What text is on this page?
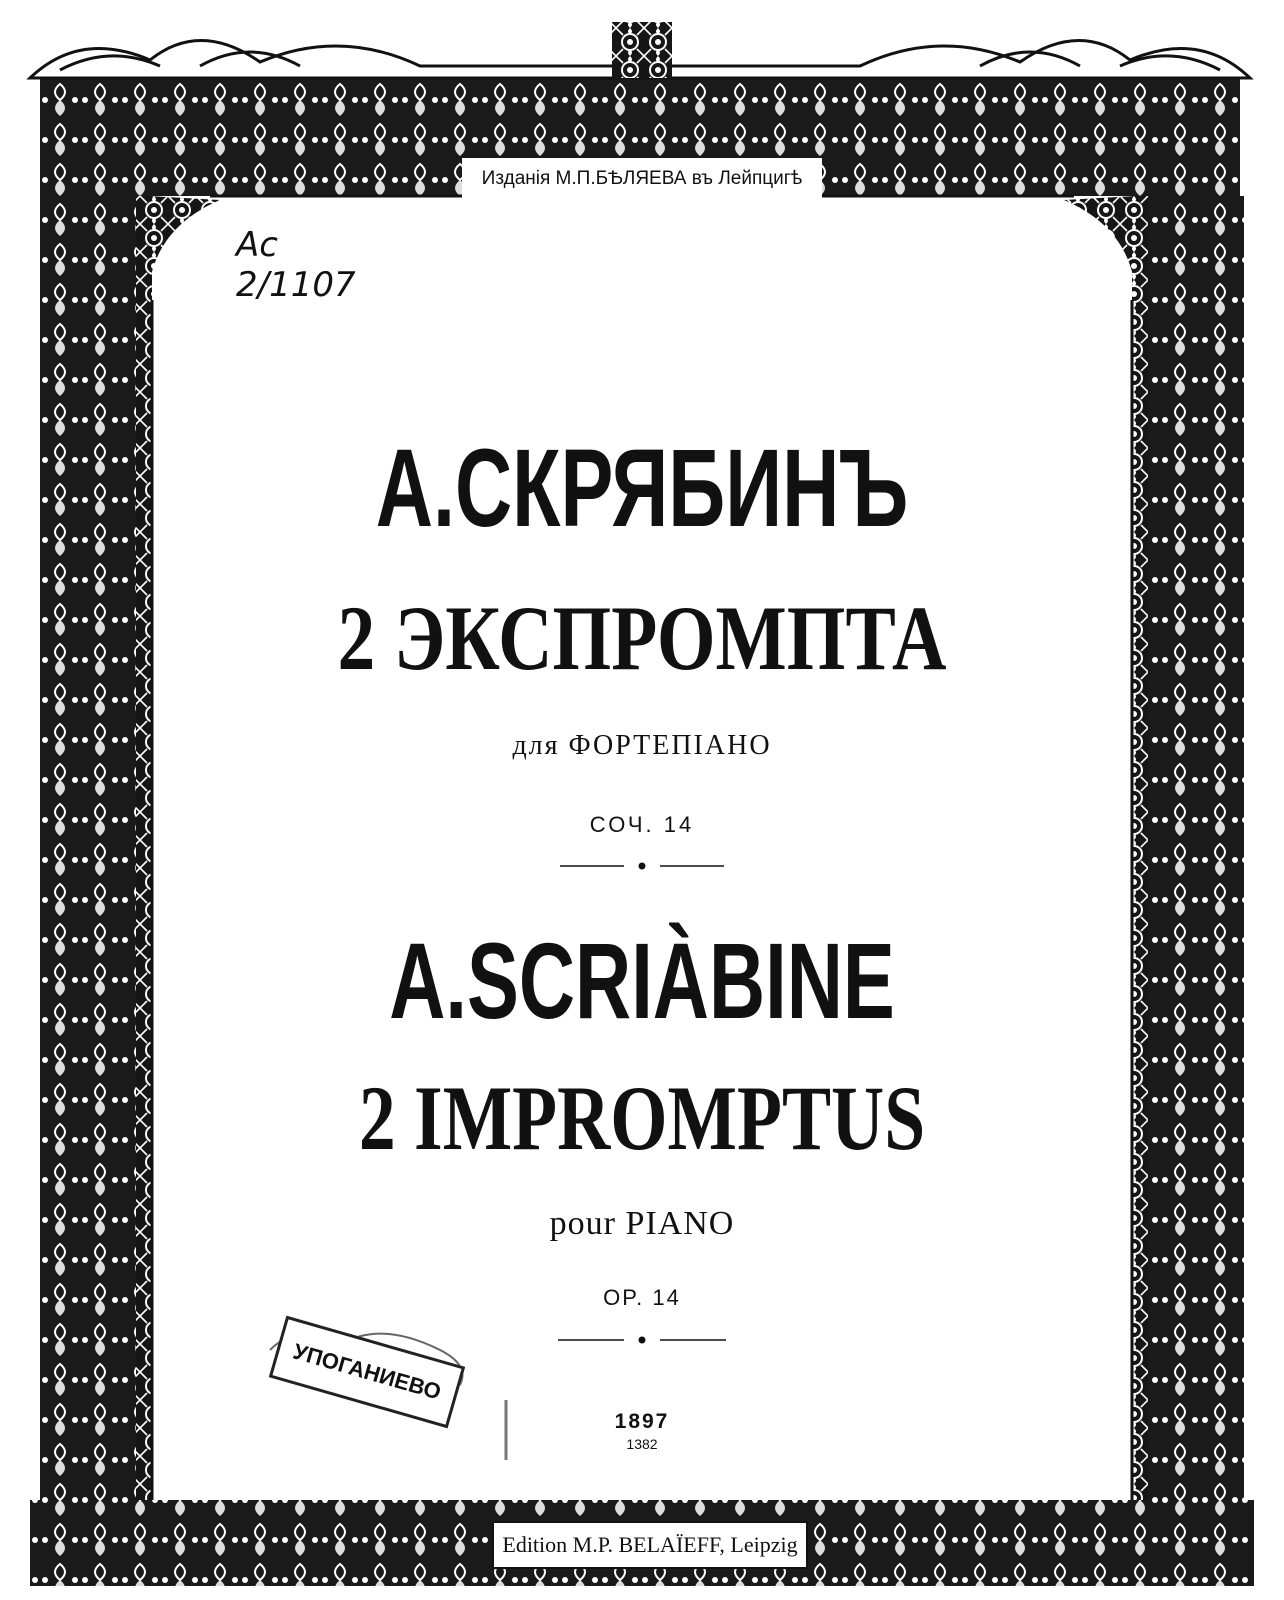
Изданія М.П.БѢЛЯЕВА въ Лейпцигѣ
Ac 2/1107
А.СКРЯБИНЪ
2 ЭКСПРОМПТА
для ФОРТЕПІАНО
СОЧ. 14
A.SCRIÀBINE
2 IMPROMPTUS
pour PIANO
OP. 14
УПОГАНИЕВО
1897
1382
Edition M.P. BELAÏEFF, Leipzig
